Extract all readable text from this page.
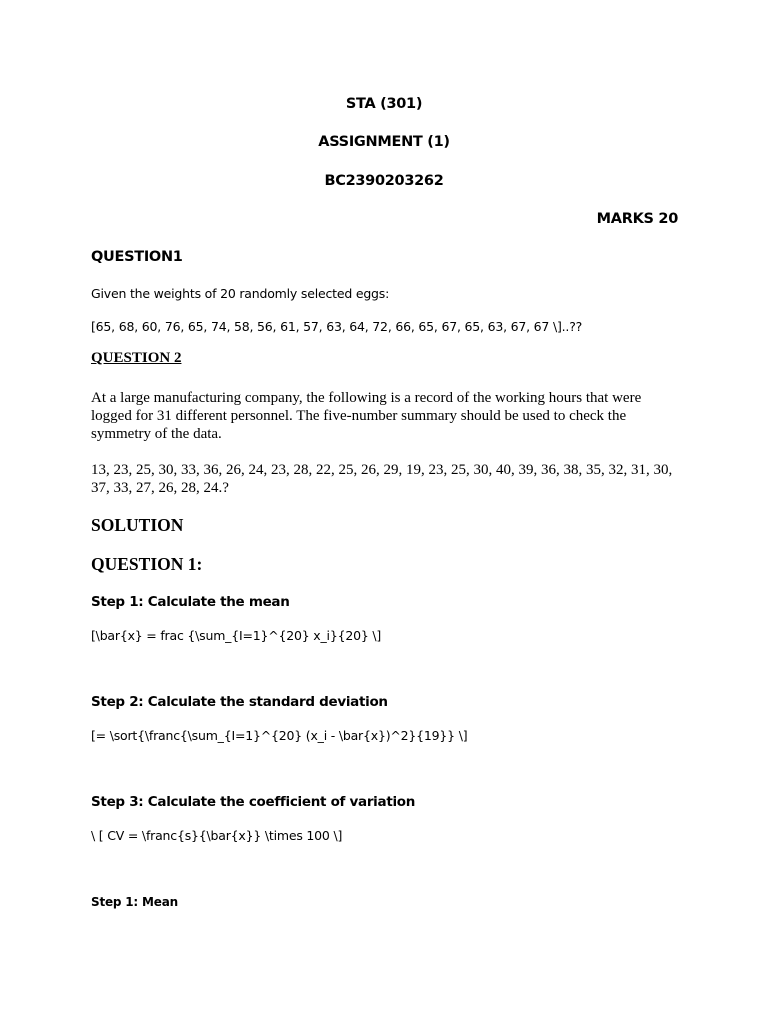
STA (301)

ASSIGNMENT (1)

BC2390203262

MARKS 20

QUESTION1

Given the weights of 20 randomly selected eggs:

[65, 68, 60, 76, 65, 74, 58, 56, 61, 57, 63, 64, 72, 66, 65, 67, 65, 63, 67, 67 \]..??

QUESTION 2

At a large manufacturing company, the following is a record of the working hours that were logged for 31 different personnel. The five-number summary should be used to check the symmetry of the data.

13, 23, 25, 30, 33, 36, 26, 24, 23, 28, 22, 25, 26, 29, 19, 23, 25, 30, 40, 39, 36, 38, 35, 32, 31, 30, 37, 33, 27, 26, 28, 24.?

SOLUTION

QUESTION 1:

Step 1: Calculate the mean

[\bar{x} = frac {\sum_{I=1}^{20} x_i}{20} \]

Step 2: Calculate the standard deviation

[= \sort{\franc{\sum_{I=1}^{20} (x_i - \bar{x})^2}{19}} \]

Step 3: Calculate the coefficient of variation

\ [ CV = \franc{s}{\bar{x}} \times 100 \]

Step 1: Mean
